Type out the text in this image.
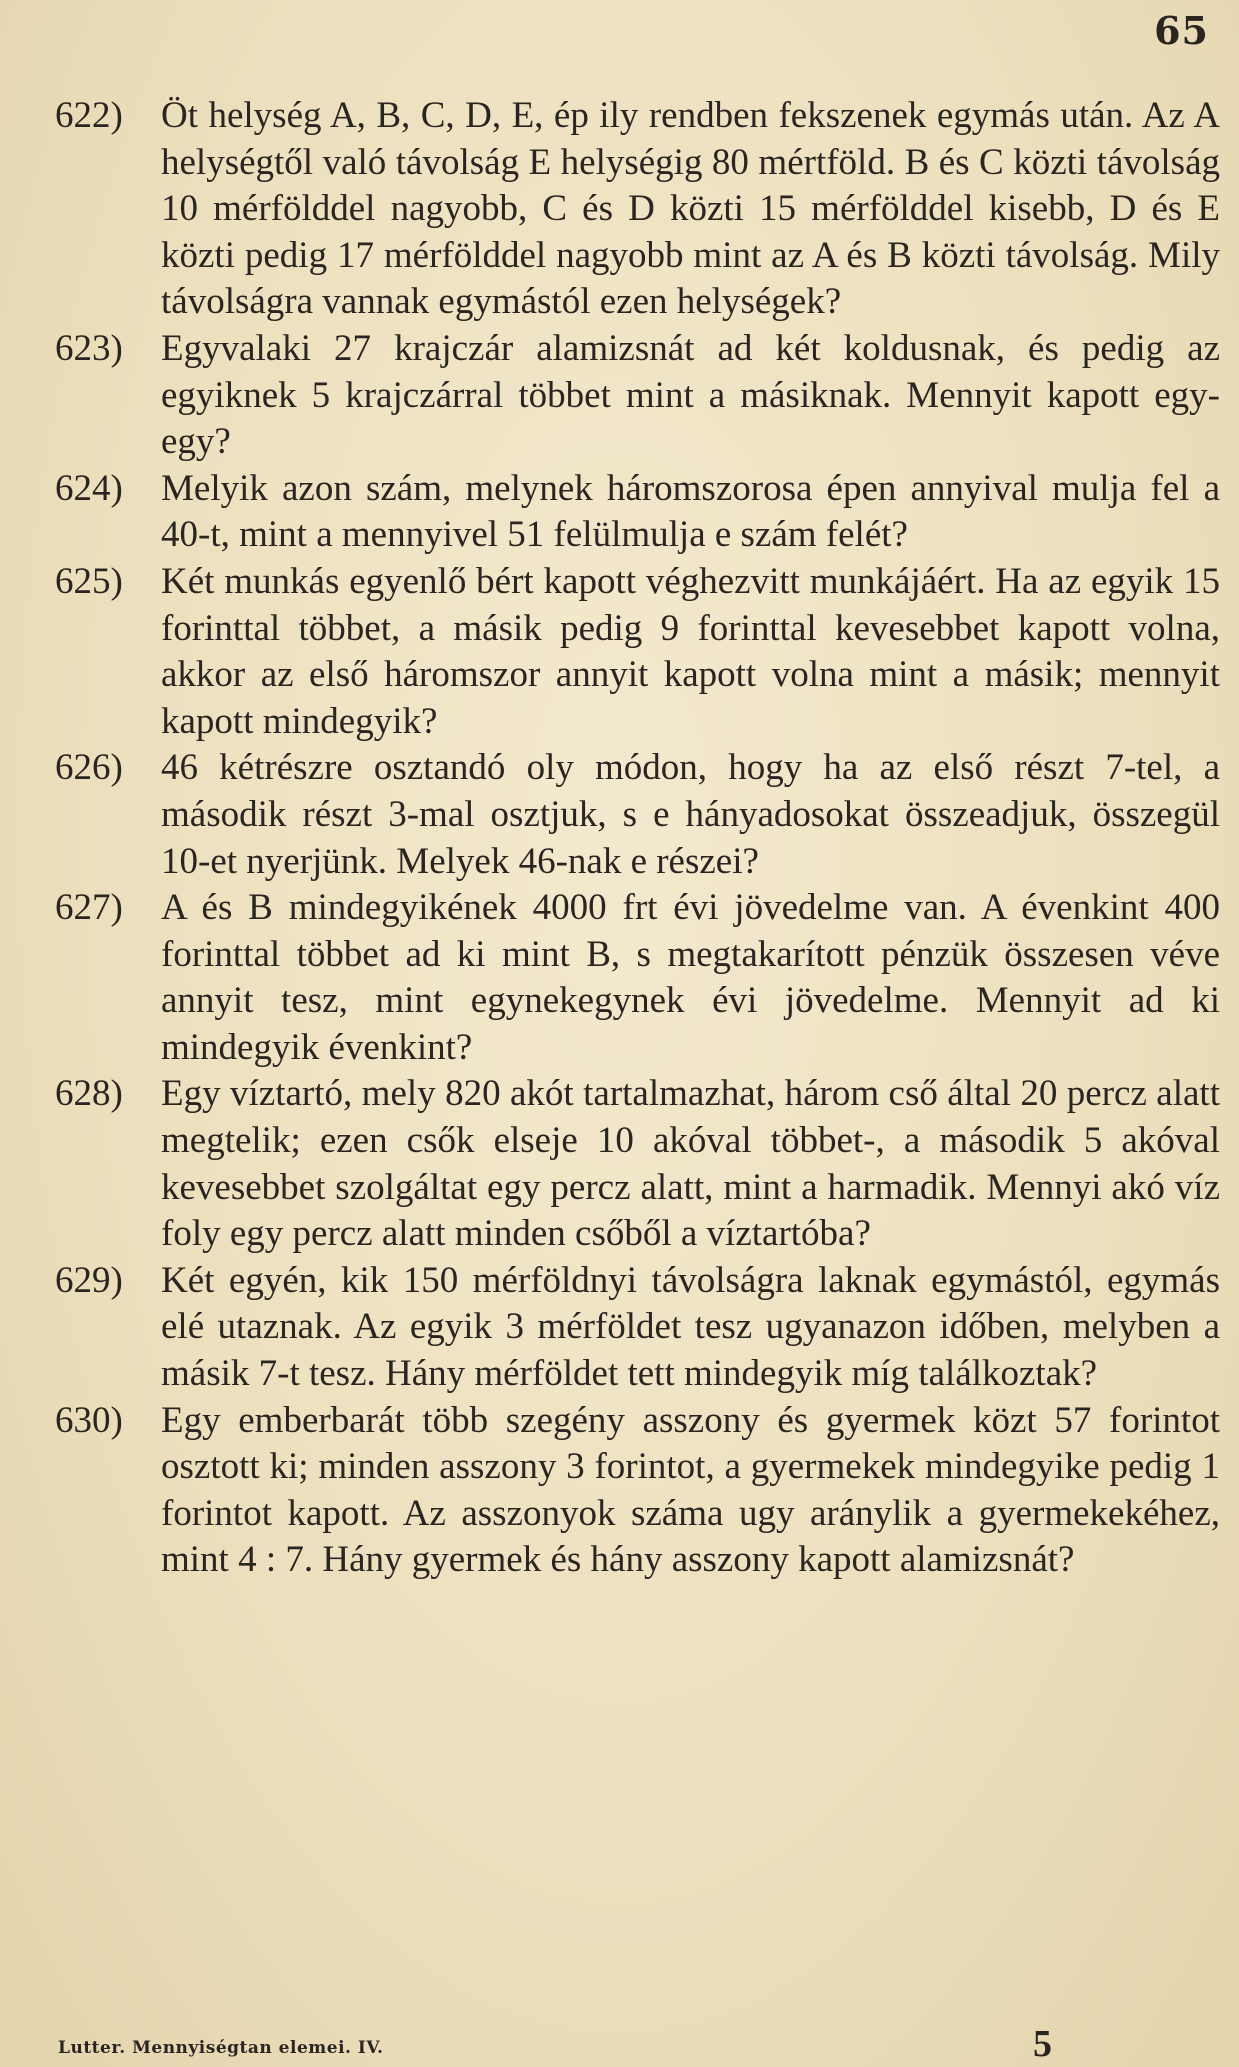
65
622)	Öt helység A, B, C, D, E, ép ily rendben fekszenek egymás után. Az A helységtől való távolság E helységig 80 mértföld. B és C közti távolság 10 mérfölddel nagyobb, C és D közti 15 mérfölddel kisebb, D és E közti pedig 17 mérfölddel nagyobb mint az A és B közti távolság. Mily távolságra vannak egymástól ezen helységek?
623)	Egyvalaki 27 krajczár alamizsnát ad két koldusnak, és pedig az egyiknek 5 krajczárral többet mint a másiknak. Mennyit kapott egy-egy?
624)	Melyik azon szám, melynek háromszorosa épen annyival mulja fel a 40-t, mint a mennyivel 51 felülmulja e szám felét?
625)	Két munkás egyenlő bért kapott véghezvitt munkájáért. Ha az egyik 15 forinttal többet, a másik pedig 9 forinttal kevesebbet kapott volna, akkor az első háromszor annyit kapott volna mint a másik; mennyit kapott mindegyik?
626)	46 kétrészre osztandó oly módon, hogy ha az első részt 7-tel, a második részt 3-mal osztjuk, s e hányadosokat összeadjuk, összegül 10-et nyerjünk. Melyek 46-nak e részei?
627)	A és B mindegyikének 4000 frt évi jövedelme van. A évenkint 400 forinttal többet ad ki mint B, s megtakarított pénzük összesen véve annyit tesz, mint egynekegynek évi jövedelme. Mennyit ad ki mindegyik évenkint?
628)	Egy víztartó, mely 820 akót tartalmazhat, három cső által 20 percz alatt megtelik; ezen csők elseje 10 akóval többet-, a második 5 akóval kevesebbet szolgáltat egy percz alatt, mint a harmadik. Mennyi akó víz foly egy percz alatt minden csőből a víztartóba?
629)	Két egyén, kik 150 mérföldnyi távolságra laknak egymástól, egymás elé utaznak. Az egyik 3 mérföldet tesz ugyanazon időben, melyben a másik 7-t tesz. Hány mérföldet tett mindegyik míg találkoztak?
630)	Egy emberbarát több szegény asszony és gyermek közt 57 forintot osztott ki; minden asszony 3 forintot, a gyermekek mindegyike pedig 1 forintot kapott. Az asszonyok száma ugy aránylik a gyermekekéhez, mint 4 : 7. Hány gyermek és hány asszony kapott alamizsnát?
Lutter. Mennyiségtan elemei. IV.	5
